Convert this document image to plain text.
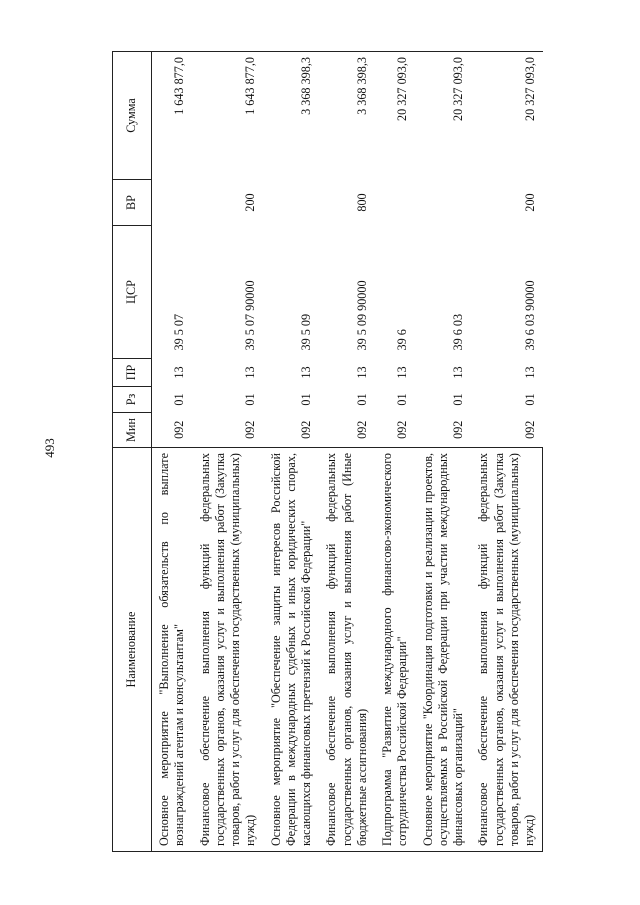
493
Наименование	Мин	Рз	ПР	ЦСР	ВР	Сумма
Основное мероприятие "Выполнение обязательств по выплате вознаграждений агентам и консультантам"	092	01	13	39 5 07		1 643 877,0
Финансовое обеспечение выполнения функций федеральных государственных органов, оказания услуг и выполнения работ (Закупка товаров, работ и услуг для обеспечения государственных (муниципальных) нужд)	092	01	13	39 5 07 90000	200	1 643 877,0
Основное мероприятие "Обеспечение защиты интересов Российской Федерации в международных судебных и иных юридических спорах, касающихся финансовых претензий к Российской Федерации"	092	01	13	39 5 09		3 368 398,3
Финансовое обеспечение выполнения функций федеральных государственных органов, оказания услуг и выполнения работ (Иные бюджетные ассигнования)	092	01	13	39 5 09 90000	800	3 368 398,3
Подпрограмма "Развитие международного финансово-экономического сотрудничества Российской Федерации"	092	01	13	39 6		20 327 093,0
Основное мероприятие "Координация подготовки и реализации проектов, осуществляемых в Российской Федерации при участии международных финансовых организаций"	092	01	13	39 6 03		20 327 093,0
Финансовое обеспечение выполнения функций федеральных государственных органов, оказания услуг и выполнения работ (Закупка товаров, работ и услуг для обеспечения государственных (муниципальных) нужд)	092	01	13	39 6 03 90000	200	20 327 093,0
